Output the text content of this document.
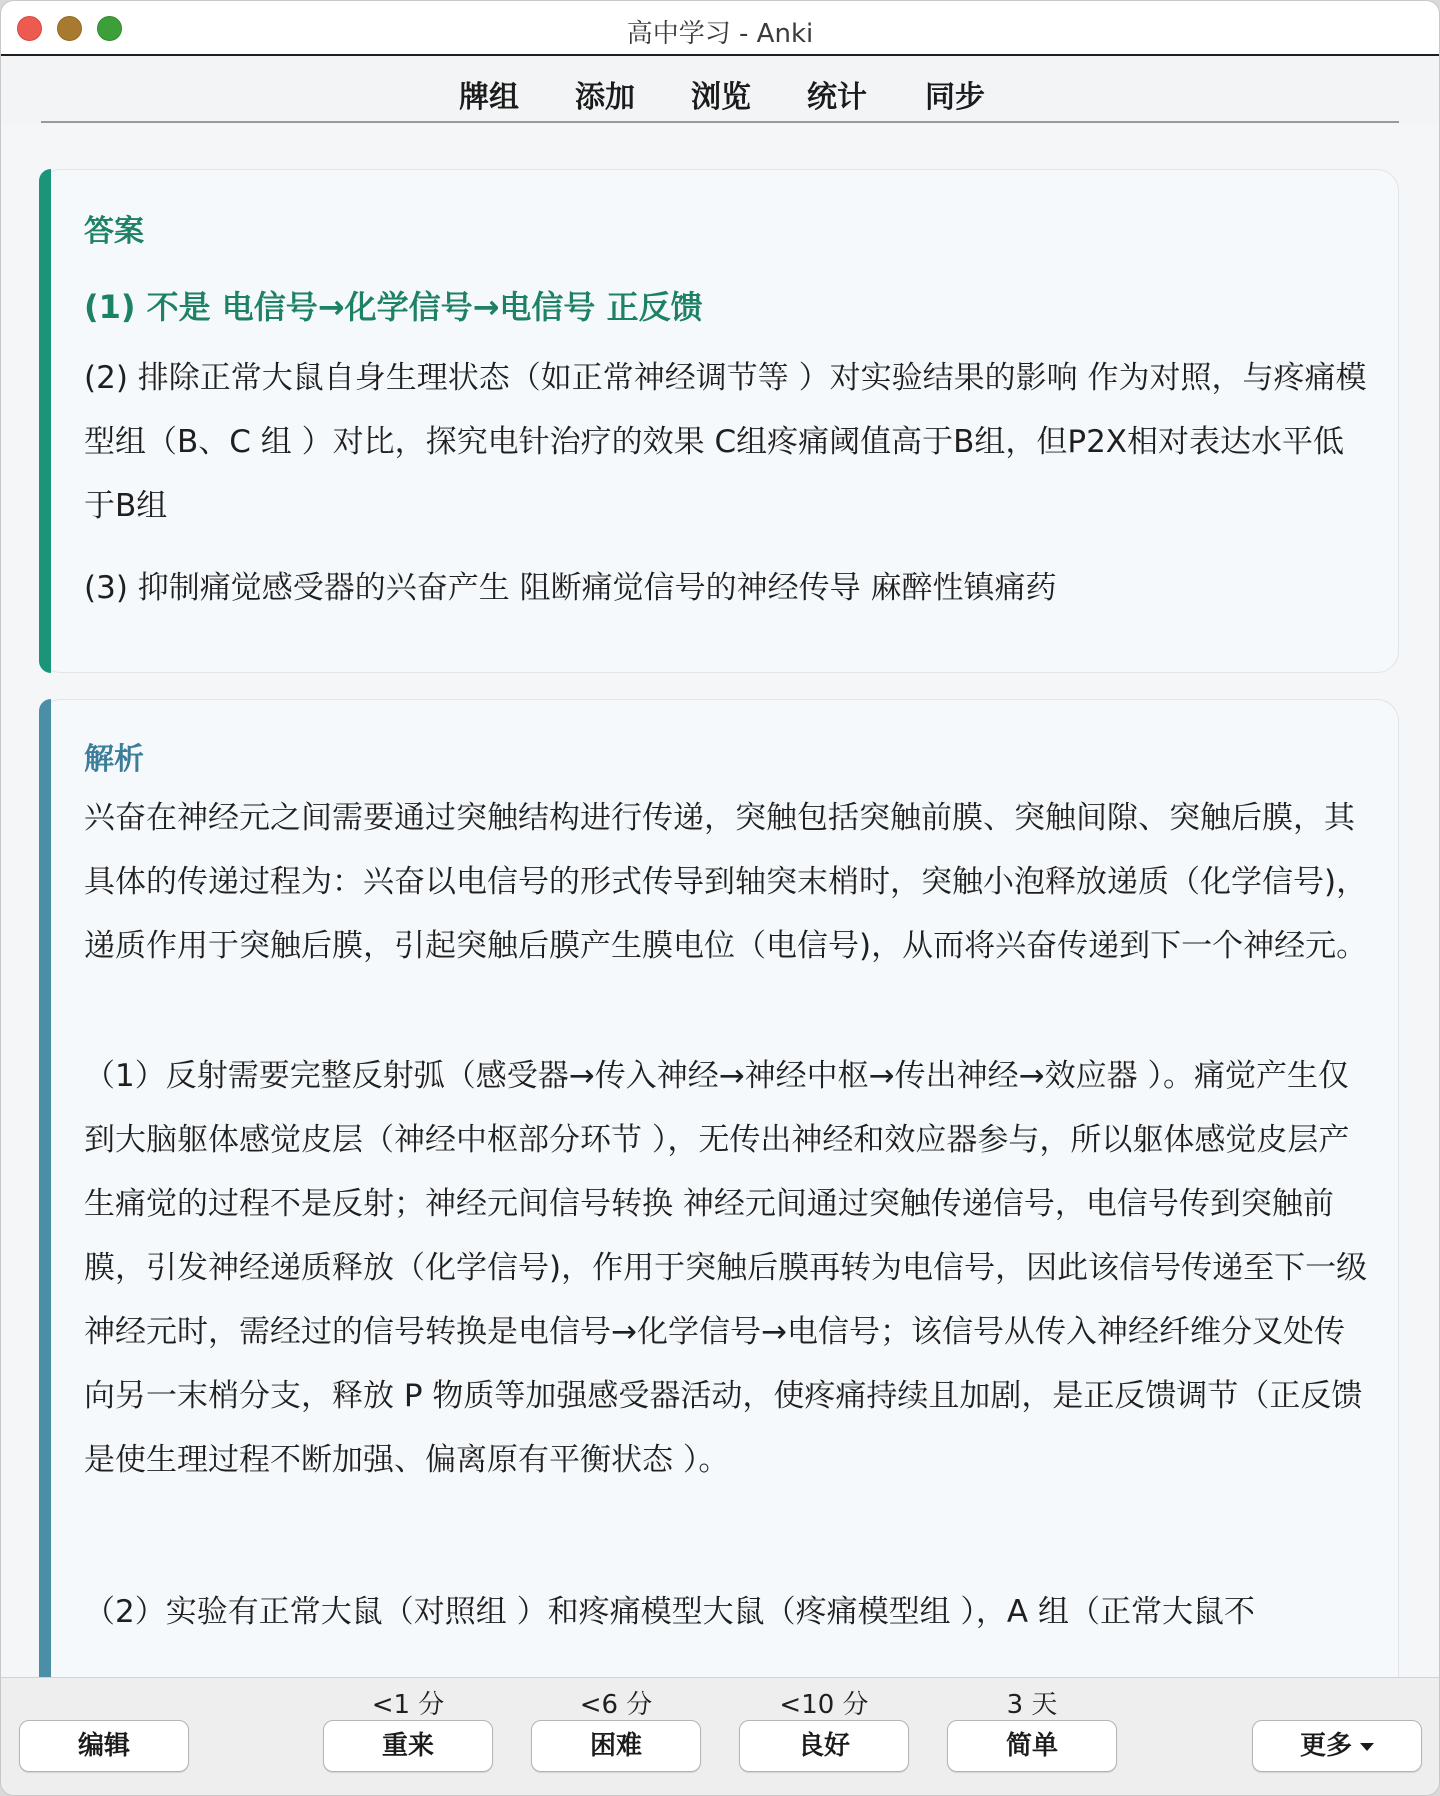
高中学习 - Anki
牌组 添加 浏览 统计 同步
答案
(1) 不是 电信号→化学信号→电信号 正反馈
(2) 排除正常大鼠自身生理状态（如正常神经调节等 ）对实验结果的影响 作为对照，与疼痛模型组（B、C 组 ）对比，探究电针治疗的效果 C组疼痛阈值高于B组，但P2X相对表达水平低于B组
(3) 抑制痛觉感受器的兴奋产生 阻断痛觉信号的神经传导 麻醉性镇痛药
解析
兴奋在神经元之间需要通过突触结构进行传递，突触包括突触前膜、突触间隙、突触后膜，其具体的传递过程为：兴奋以电信号的形式传导到轴突末梢时，突触小泡释放递质（化学信号)，递质作用于突触后膜，引起突触后膜产生膜电位（电信号)，从而将兴奋传递到下一个神经元。
（1）反射需要完整反射弧（感受器→传入神经→神经中枢→传出神经→效应器 ）。痛觉产生仅到大脑躯体感觉皮层（神经中枢部分环节 ），无传出神经和效应器参与，所以躯体感觉皮层产生痛觉的过程不是反射；神经元间信号转换 神经元间通过突触传递信号，电信号传到突触前膜，引发神经递质释放（化学信号)，作用于突触后膜再转为电信号，因此该信号传递至下一级神经元时，需经过的信号转换是电信号→化学信号→电信号；该信号从传入神经纤维分叉处传向另一末梢分支，释放 P 物质等加强感受器活动，使疼痛持续且加剧，是正反馈调节（正反馈是使生理过程不断加强、偏离原有平衡状态 ）。
（2）实验有正常大鼠（对照组 ）和疼痛模型大鼠（疼痛模型组 ），A 组（正常大鼠不
编辑
<1 分
重来
<6 分
困难
<10 分
良好
3 天
简单	更多
